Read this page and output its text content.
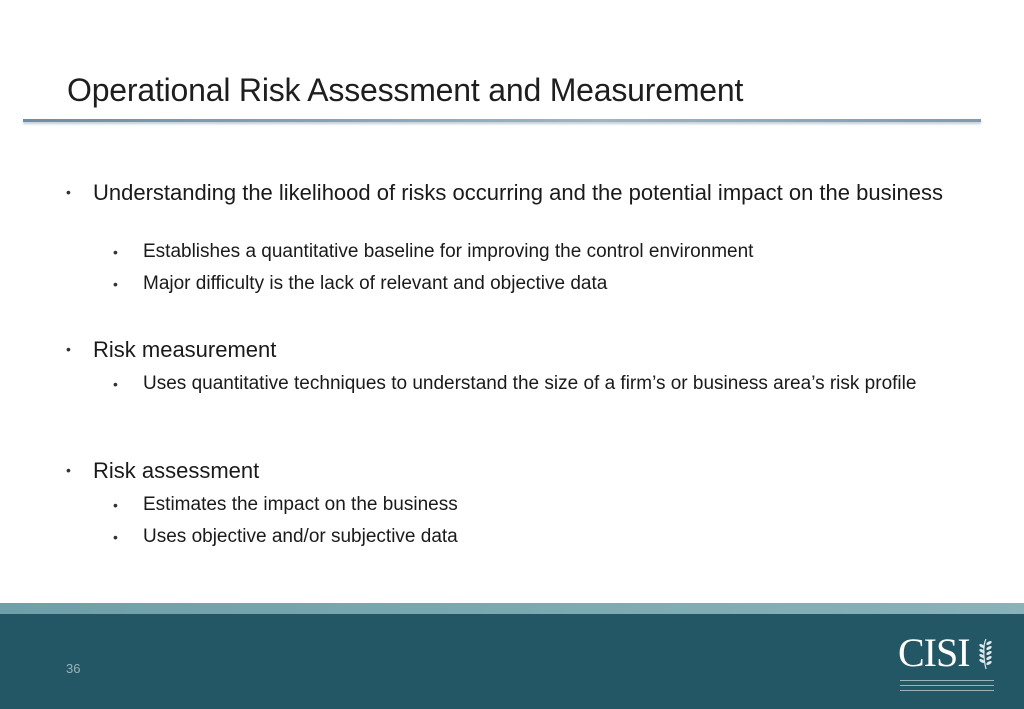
Operational Risk Assessment and Measurement
• Understanding the likelihood of risks occurring and the potential impact on the business
• Establishes a quantitative baseline for improving the control environment
• Major difficulty is the lack of relevant and objective data
• Risk measurement
• Uses quantitative techniques to understand the size of a firm’s or business area’s risk profile
• Risk assessment
• Estimates the impact on the business
• Uses objective and/or subjective data
36	CISI
